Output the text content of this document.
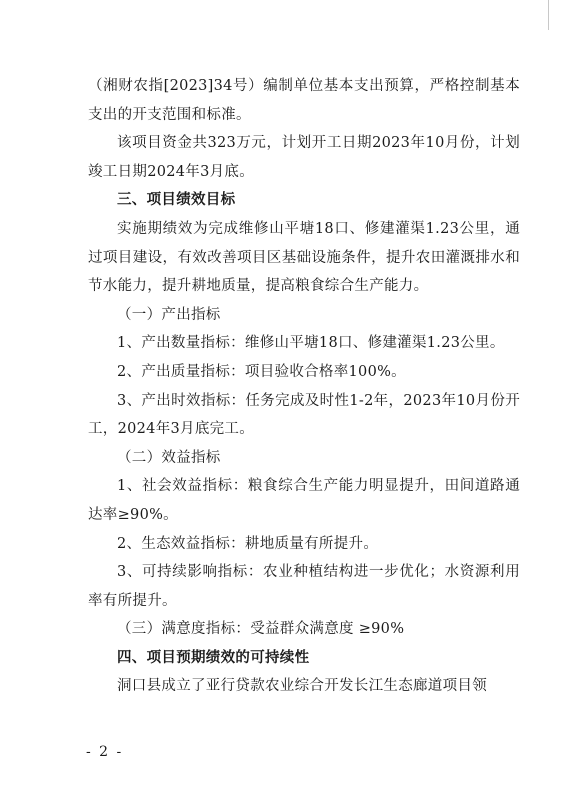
（湘财农指[2023]34号）编制单位基本支出预算，严格控制基本支出的开支范围和标准。

该项目资金共323万元，计划开工日期2023年10月份，计划竣工日期2024年3月底。

三、项目绩效目标

实施期绩效为完成维修山平塘18口、修建灌渠1.23公里，通过项目建设，有效改善项目区基础设施条件，提升农田灌溉排水和节水能力，提升耕地质量，提高粮食综合生产能力。

（一）产出指标

1、产出数量指标：维修山平塘18口、修建灌渠1.23公里。

2、产出质量指标：项目验收合格率100%。

3、产出时效指标：任务完成及时性1-2年，2023年10月份开工，2024年3月底完工。

（二）效益指标

1、社会效益指标：粮食综合生产能力明显提升，田间道路通达率≥90%。

2、生态效益指标：耕地质量有所提升。

3、可持续影响指标：农业种植结构进一步优化；水资源利用率有所提升。

（三）满意度指标：受益群众满意度 ≥90%

四、项目预期绩效的可持续性

洞口县成立了亚行贷款农业综合开发长江生态廊道项目领

- 2 -
